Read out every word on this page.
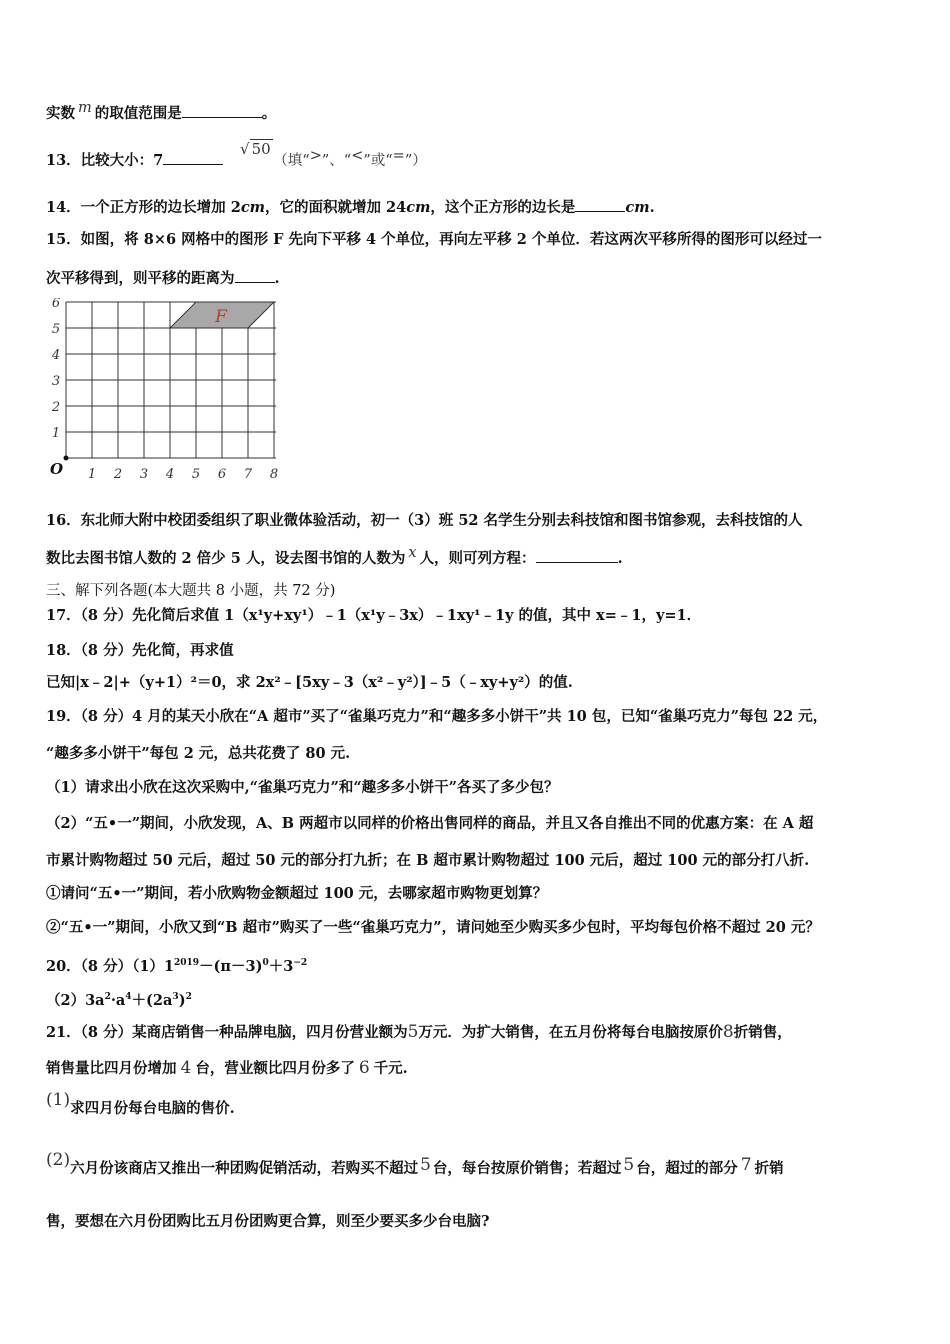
实数 m 的取值范围是	。
13．比较大小：7	（填“>”、“<”或“=”）
√ 50
14．一个正方形的边长增加 2cm，它的面积就增加 24cm，这个正方形的边长是	cm.
15．如图，将 8×6 网格中的图形 F 先向下平移 4 个单位，再向左平移 2 个单位．若这两次平移所得的图形可以经过一
次平移得到，则平移的距离为	.
F
O 1 2 3 4 5 6 7 8
1
2
3
4
5
6
16．东北师大附中校团委组织了职业微体验活动，初一（3）班 52 名学生分别去科技馆和图书馆参观，去科技馆的人
数比去图书馆人数的 2 倍少 5 人，设去图书馆的人数为 x 人，则可列方程：	.
三、解下列各题(本大题共 8 小题，共 72 分)
17．（8 分）先化简后求值 1（x¹y+xy¹）﹣1（x¹y﹣3x）﹣1xy¹﹣1y 的值，其中 x=﹣1，y=1．
18．（8 分）先化简，再求值
已知|x﹣2|+（y+1）²＝0，求 2x²﹣[5xy﹣3（x²﹣y²）]﹣5（﹣xy+y²）的值.
19．（8 分）4 月的某天小欣在“A 超市”买了“雀巢巧克力”和“趣多多小饼干”共 10 包，已知“雀巢巧克力”每包 22 元，
“趣多多小饼干”每包 2 元，总共花费了 80 元.
（1）请求出小欣在这次采购中,“雀巢巧克力”和“趣多多小饼干”各买了多少包？
（2）“五•一”期间，小欣发现，A、B 两超市以同样的价格出售同样的商品，并且又各自推出不同的优惠方案：在 A 超
市累计购物超过 50 元后，超过 50 元的部分打九折；在 B 超市累计购物超过 100 元后，超过 100 元的部分打八折.
①请问“五•一”期间，若小欣购物金额超过 100 元，去哪家超市购物更划算？
②“五•一”期间，小欣又到“B 超市”购买了一些“雀巢巧克力”，请问她至少购买多少包时，平均每包价格不超过 20 元？
20．（8 分）$(1)1^{2019}-(\pi-3)^0+3^{-2}$
$(2)3a^2\cdot a^4+(2a^3)^2$
21．（8 分）某商店销售一种品牌电脑，四月份营业额为5万元．为扩大销售，在五月份将每台电脑按原价8折销售，
销售量比四月份增加 4 台，营业额比四月份多了 6 千元.
(1)求四月份每台电脑的售价.
(2)六月份该商店又推出一种团购促销活动，若购买不超过 5 台，每台按原价销售；若超过 5 台，超过的部分 7 折销
售，要想在六月份团购比五月份团购更合算，则至少要买多少台电脑?
